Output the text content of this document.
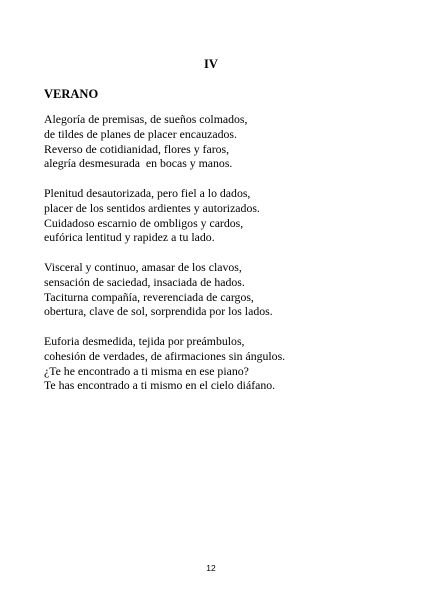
IV
VERANO
Alegoría de premisas, de sueños colmados,
de tildes de planes de placer encauzados.
Reverso de cotidianidad, flores y faros,
alegría desmesurada  en bocas y manos.
Plenitud desautorizada, pero fiel a lo dados,
placer de los sentidos ardientes y autorizados.
Cuidadoso escarnio de ombligos y cardos,
eufórica lentitud y rapidez a tu lado.
Visceral y continuo, amasar de los clavos,
sensación de saciedad, insaciada de hados.
Taciturna compañía, reverenciada de cargos,
obertura, clave de sol, sorprendida por los lados.
Euforia desmedida, tejida por preámbulos,
cohesión de verdades, de afirmaciones sin ángulos.
¿Te he encontrado a ti misma en ese piano?
Te has encontrado a ti mismo en el cielo diáfano.
12
